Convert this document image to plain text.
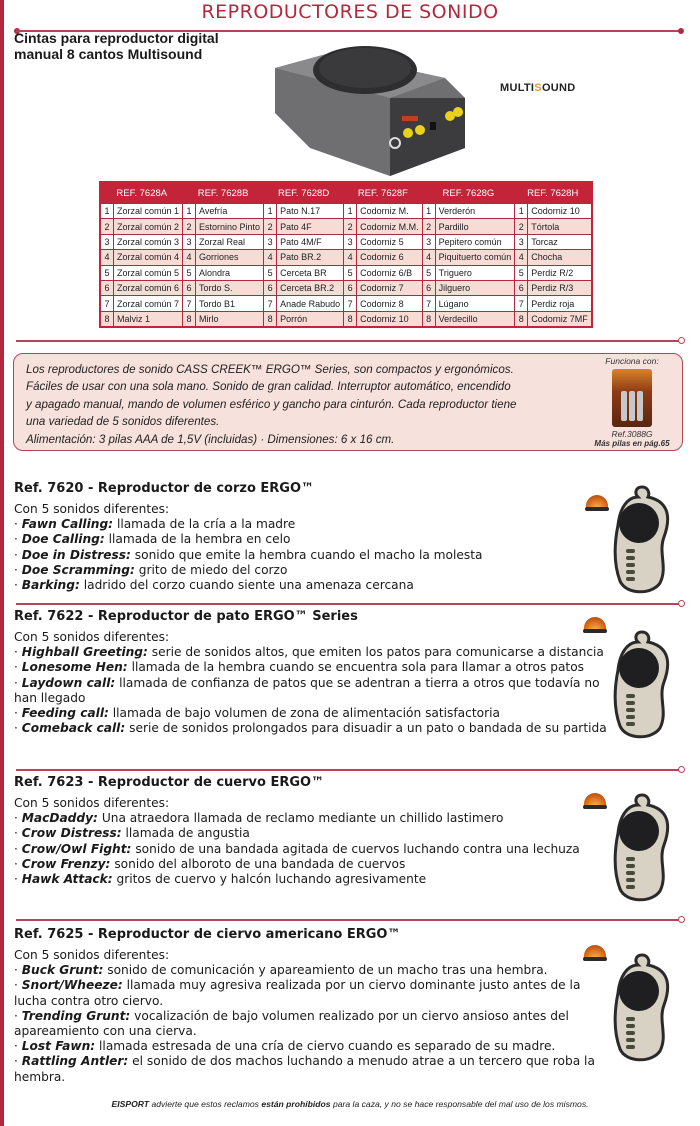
REPRODUCTORES DE SONIDO
Cintas para reproductor digital manual 8 cantos Multisound
MULTISOUND
REF. 7628A		REF. 7628B		REF. 7628D		REF. 7628F		REF. 7628G		REF. 7628H	
1	Zorzal común 1	1	Avefría	1	Pato N.17	1	Codorniz M.	1	Verderón	1	Codorniz 10
2	Zorzal común 2	2	Estornino Pinto	2	Pato 4F	2	Codorniz M.M.	2	Pardillo	2	Tórtola
3	Zorzal común 3	3	Zorzal Real	3	Pato 4M/F	3	Codorniz 5	3	Pepitero común	3	Torcaz
4	Zorzal común 4	4	Gorriones	4	Pato BR.2	4	Codorniz 6	4	Piquituerto común	4	Chocha
5	Zorzal común 5	5	Alondra	5	Cerceta BR	5	Codorniz 6/B	5	Triguero	5	Perdiz R/2
6	Zorzal común 6	6	Tordo S.	6	Cerceta BR.2	6	Codorniz 7	6	Jilguero	6	Perdiz R/3
7	Zorzal común 7	7	Tordo B1	7	Anade Rabudo	7	Codorniz 8	7	Lúgano	7	Perdiz roja
8	Malviz 1	8	Mirlo	8	Porrón	8	Codorniz 10	8	Verdecillo	8	Codorniz 7MF
Los reproductores de sonido CASS CREEK™ ERGO™ Series, son compactos y ergonómicos.
Fáciles de usar con una sola mano. Sonido de gran calidad. Interruptor automático, encendido
y apagado manual, mando de volumen esférico y gancho para cinturón. Cada reproductor tiene
una variedad de 5 sonidos diferentes.
Alimentación: 3 pilas AAA de 1,5V (incluidas) · Dimensiones: 6 x 16 cm.
Funciona con:
Ref.3088G
Más pilas en pág.65
Ref. 7620 - Reproductor de corzo ERGO™

Con 5 sonidos diferentes:

· Fawn Calling: llamada de la cría a la madre

· Doe Calling: llamada de la hembra en celo

· Doe in Distress: sonido que emite la hembra cuando el macho la molesta

· Doe Scramming: grito de miedo del corzo

· Barking: ladrido del corzo cuando siente una amenaza cercana

Ref. 7622 - Reproductor de pato ERGO™ Series

Con 5 sonidos diferentes:

· Highball Greeting: serie de sonidos altos, que emiten los patos para comunicarse a distancia

· Lonesome Hen: llamada de la hembra cuando se encuentra sola para llamar a otros patos

· Laydown call: llamada de confianza de patos que se adentran a tierra a otros que todavía no han llegado

· Feeding call: llamada de bajo volumen de zona de alimentación satisfactoria

· Comeback call: serie de sonidos prolongados para disuadir a un pato o bandada de su partida

Ref. 7623 - Reproductor de cuervo ERGO™

Con 5 sonidos diferentes:

· MacDaddy: Una atraedora llamada de reclamo mediante un chillido lastimero

· Crow Distress: llamada de angustia

· Crow/Owl Fight: sonido de una bandada agitada de cuervos luchando contra una lechuza

· Crow Frenzy: sonido del alboroto de una bandada de cuervos

· Hawk Attack: gritos de cuervo y halcón luchando agresivamente

Ref. 7625 - Reproductor de ciervo americano ERGO™

Con 5 sonidos diferentes:

· Buck Grunt: sonido de comunicación y apareamiento de un macho tras una hembra.

· Snort/Wheeze: llamada muy agresiva realizada por un ciervo dominante justo antes de la lucha contra otro ciervo.

· Trending Grunt: vocalización de bajo volumen realizado por un ciervo ansioso antes del apareamiento con una cierva.

· Lost Fawn: llamada estresada de una cría de ciervo cuando es separado de su madre.

· Rattling Antler: el sonido de dos machos luchando a menudo atrae a un tercero que roba la hembra.

EISPORT advierte que estos reclamos están prohibidos para la caza, y no se hace responsable del mal uso de los mismos.
